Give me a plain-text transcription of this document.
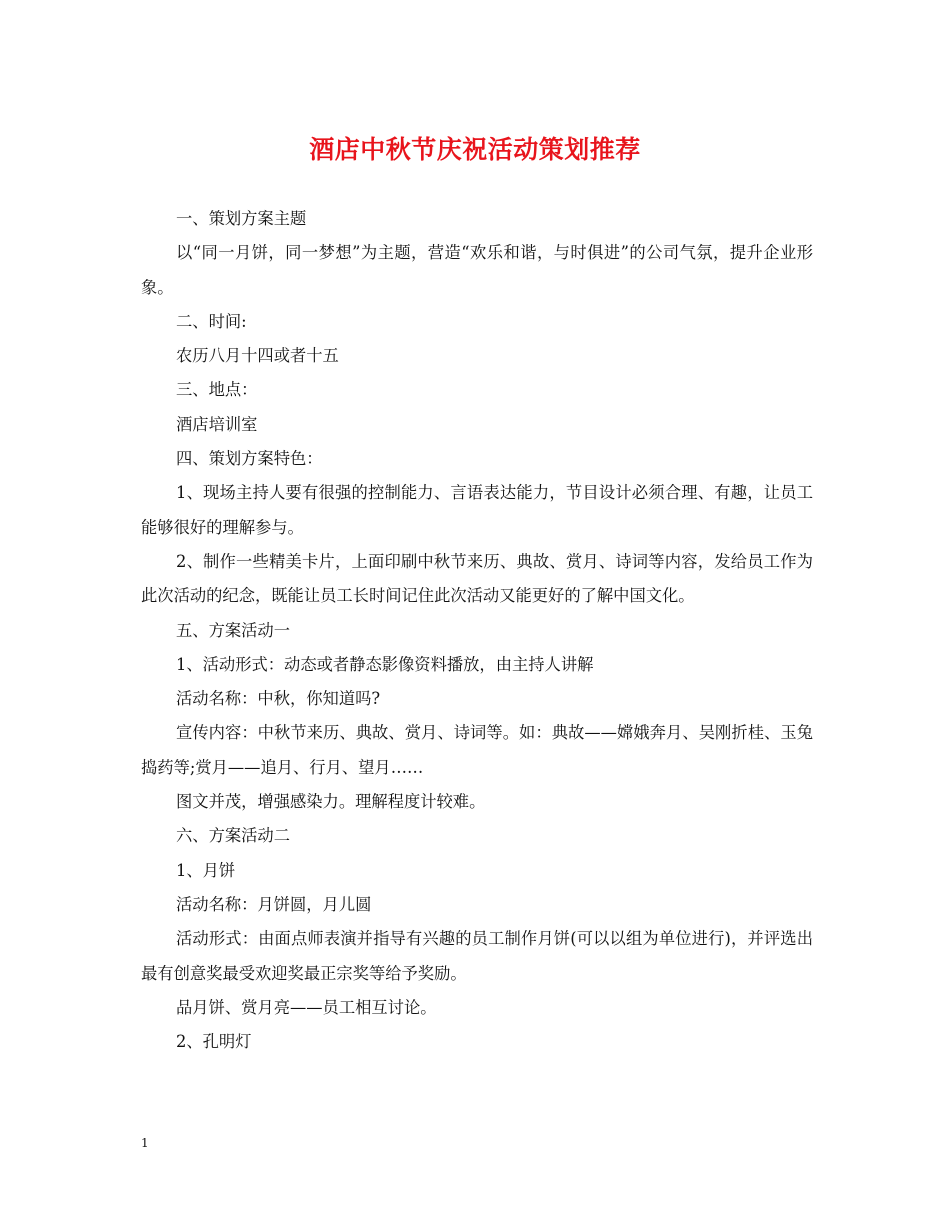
酒店中秋节庆祝活动策划推荐

一、策划方案主题

以“同一月饼，同一梦想”为主题，营造“欢乐和谐，与时俱进”的公司气氛，提升企业形象。

二、时间:

农历八月十四或者十五

三、地点：

酒店培训室

四、策划方案特色：

1、现场主持人要有很强的控制能力、言语表达能力，节目设计必须合理、有趣，让员工能够很好的理解参与。

2、制作一些精美卡片，上面印刷中秋节来历、典故、赏月、诗词等内容，发给员工作为此次活动的纪念，既能让员工长时间记住此次活动又能更好的了解中国文化。

五、方案活动一

1、活动形式：动态或者静态影像资料播放，由主持人讲解

活动名称：中秋，你知道吗?

宣传内容：中秋节来历、典故、赏月、诗词等。如：典故——嫦娥奔月、吴刚折桂、玉兔捣药等;赏月——追月、行月、望月……

图文并茂，增强感染力。理解程度计较难。

六、方案活动二

1、月饼

活动名称：月饼圆，月儿圆

活动形式：由面点师表演并指导有兴趣的员工制作月饼(可以以组为单位进行)，并评选出最有创意奖最受欢迎奖最正宗奖等给予奖励。

品月饼、赏月亮——员工相互讨论。

2、孔明灯

1
